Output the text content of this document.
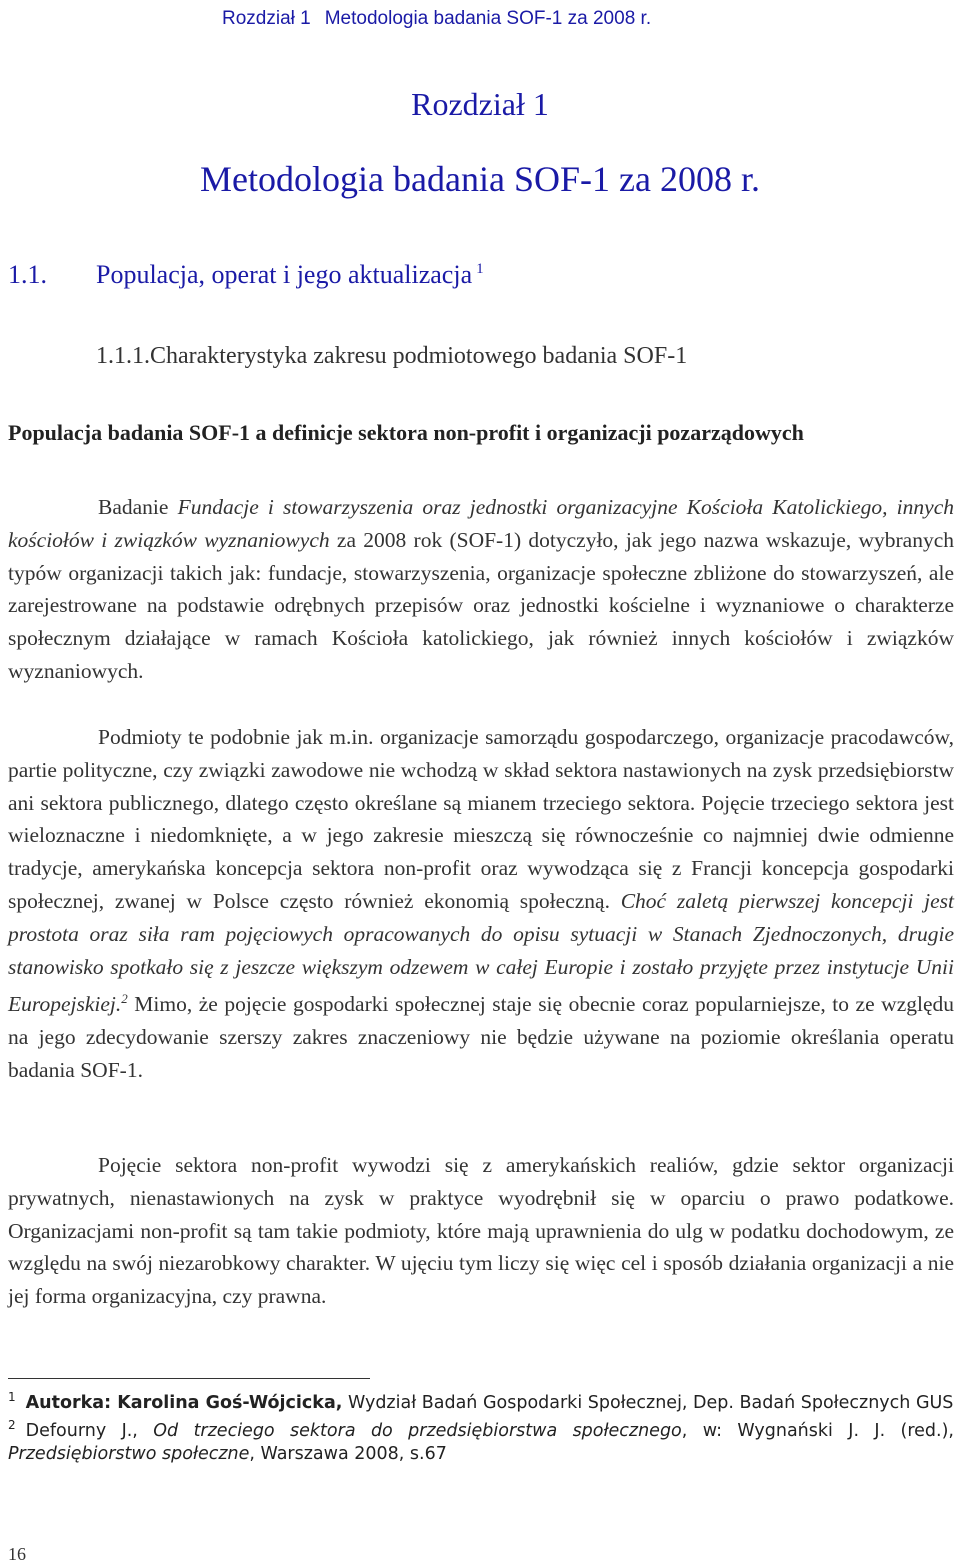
Rozdział 1 Metodologia badania SOF-1 za 2008 r.
Rozdział 1
Metodologia badania SOF-1 za 2008 r.
1.1. Populacja, operat i jego aktualizacja $^1$
1.1.1.Charakterystyka zakresu podmiotowego badania SOF-1
Populacja badania SOF-1 a definicje sektora non-profit i organizacji pozarządowych
Badanie Fundacje i stowarzyszenia oraz jednostki organizacyjne Kościoła Katolickiego, innych kościołów i związków wyznaniowych za 2008 rok (SOF-1) dotyczyło, jak jego nazwa wskazuje, wybranych typów organizacji takich jak: fundacje, stowarzyszenia, organizacje społeczne zbliżone do stowarzyszeń, ale zarejestrowane na podstawie odrębnych przepisów oraz jednostki kościelne i wyznaniowe o charakterze społecznym działające w ramach Kościoła katolickiego, jak również innych kościołów i związków wyznaniowych.
Podmioty te podobnie jak m.in. organizacje samorządu gospodarczego, organizacje pracodawców, partie polityczne, czy związki zawodowe nie wchodzą w skład sektora nastawionych na zysk przedsiębiorstw ani sektora publicznego, dlatego często określane są mianem trzeciego sektora. Pojęcie trzeciego sektora jest wieloznaczne i niedomknięte, a w jego zakresie mieszczą się równocześnie co najmniej dwie odmienne tradycje, amerykańska koncepcja sektora non-profit oraz wywodząca się z Francji koncepcja gospodarki społecznej, zwanej w Polsce często również ekonomią społeczną. Choć zaletą pierwszej koncepcji jest prostota oraz siła ram pojęciowych opracowanych do opisu sytuacji w Stanach Zjednoczonych, drugie stanowisko spotkało się z jeszcze większym odzewem w całej Europie i zostało przyjęte przez instytucje Unii Europejskiej.$^2$ Mimo, że pojęcie gospodarki społecznej staje się obecnie coraz popularniejsze, to ze względu na jego zdecydowanie szerszy zakres znaczeniowy nie będzie używane na poziomie określania operatu badania SOF-1.
Pojęcie sektora non-profit wywodzi się z amerykańskich realiów, gdzie sektor organizacji prywatnych, nienastawionych na zysk w praktyce wyodrębnił się w oparciu o prawo podatkowe. Organizacjami non-profit są tam takie podmioty, które mają uprawnienia do ulg w podatku dochodowym, ze względu na swój niezarobkowy charakter. W ujęciu tym liczy się więc cel i sposób działania organizacji a nie jej forma organizacyjna, czy prawna.

$^1$ Autorka: Karolina Goś-Wójcicka, Wydział Badań Gospodarki Społecznej, Dep. Badań Społecznych GUS

$^2$ Defourny J., Od trzeciego sektora do przedsiębiorstwa społecznego, w: Wygnański J. J. (red.), Przedsiębiorstwo społeczne, Warszawa 2008, s.67

16
